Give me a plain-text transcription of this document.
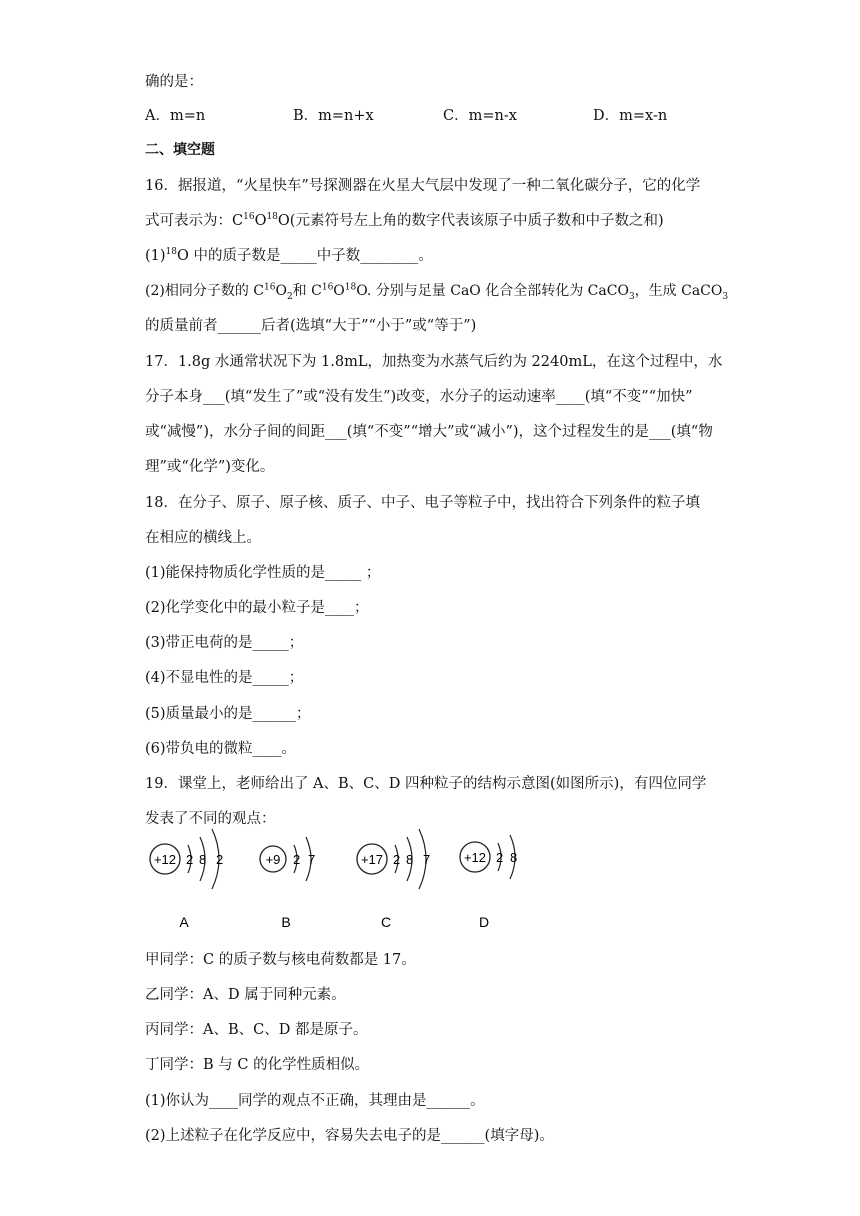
确的是：
A．m=n	B．m=n+x	C．m=n-x	D．m=x-n
二、填空题
16．据报道，“火星快车”号探测器在火星大气层中发现了一种二氧化碳分子，它的化学
式可表示为：$C^{16}O^{18}O$(元素符号左上角的数字代表该原子中质子数和中子数之和)
$(1)^{18}O$ 中的质子数是_____中子数________。
(2)相同分子数的 $C^{16}O_2$和 $C^{16}O^{18}O$. 分别与足量 CaO 化合全部转化为 CaCO$_3$，生成 CaCO$_3$
的质量前者______后者(选填“大于”“小于”或“等于”)
17．1.8g 水通常状况下为 1.8mL，加热变为水蒸气后约为 2240mL，在这个过程中，水
分子本身___(填“发生了”或“没有发生”)改变，水分子的运动速率____(填“不变”“加快”
或“减慢”)，水分子间的间距___(填“不变”“增大”或“减小”)，这个过程发生的是___(填“物
理”或“化学”)变化。
18．在分子、原子、原子核、质子、中子、电子等粒子中，找出符合下列条件的粒子填
在相应的横线上。
(1)能保持物质化学性质的是_____ ；
(2)化学变化中的最小粒子是____；
(3)带正电荷的是_____；
(4)不显电性的是_____；
(5)质量最小的是______；
(6)带负电的微粒____。
19．课堂上，老师给出了 A、B、C、D 四种粒子的结构示意图(如图所示)，有四位同学
发表了不同的观点：
+12 2 8 2
A
+9 2 7
B
+17 2 8 7
C
+12 2 8
D
甲同学：C 的质子数与核电荷数都是 17。
乙同学：A、D 属于同种元素。
丙同学：A、B、C、D 都是原子。
丁同学：B 与 C 的化学性质相似。
(1)你认为____同学的观点不正确，其理由是______。
(2)上述粒子在化学反应中，容易失去电子的是______(填字母)。
